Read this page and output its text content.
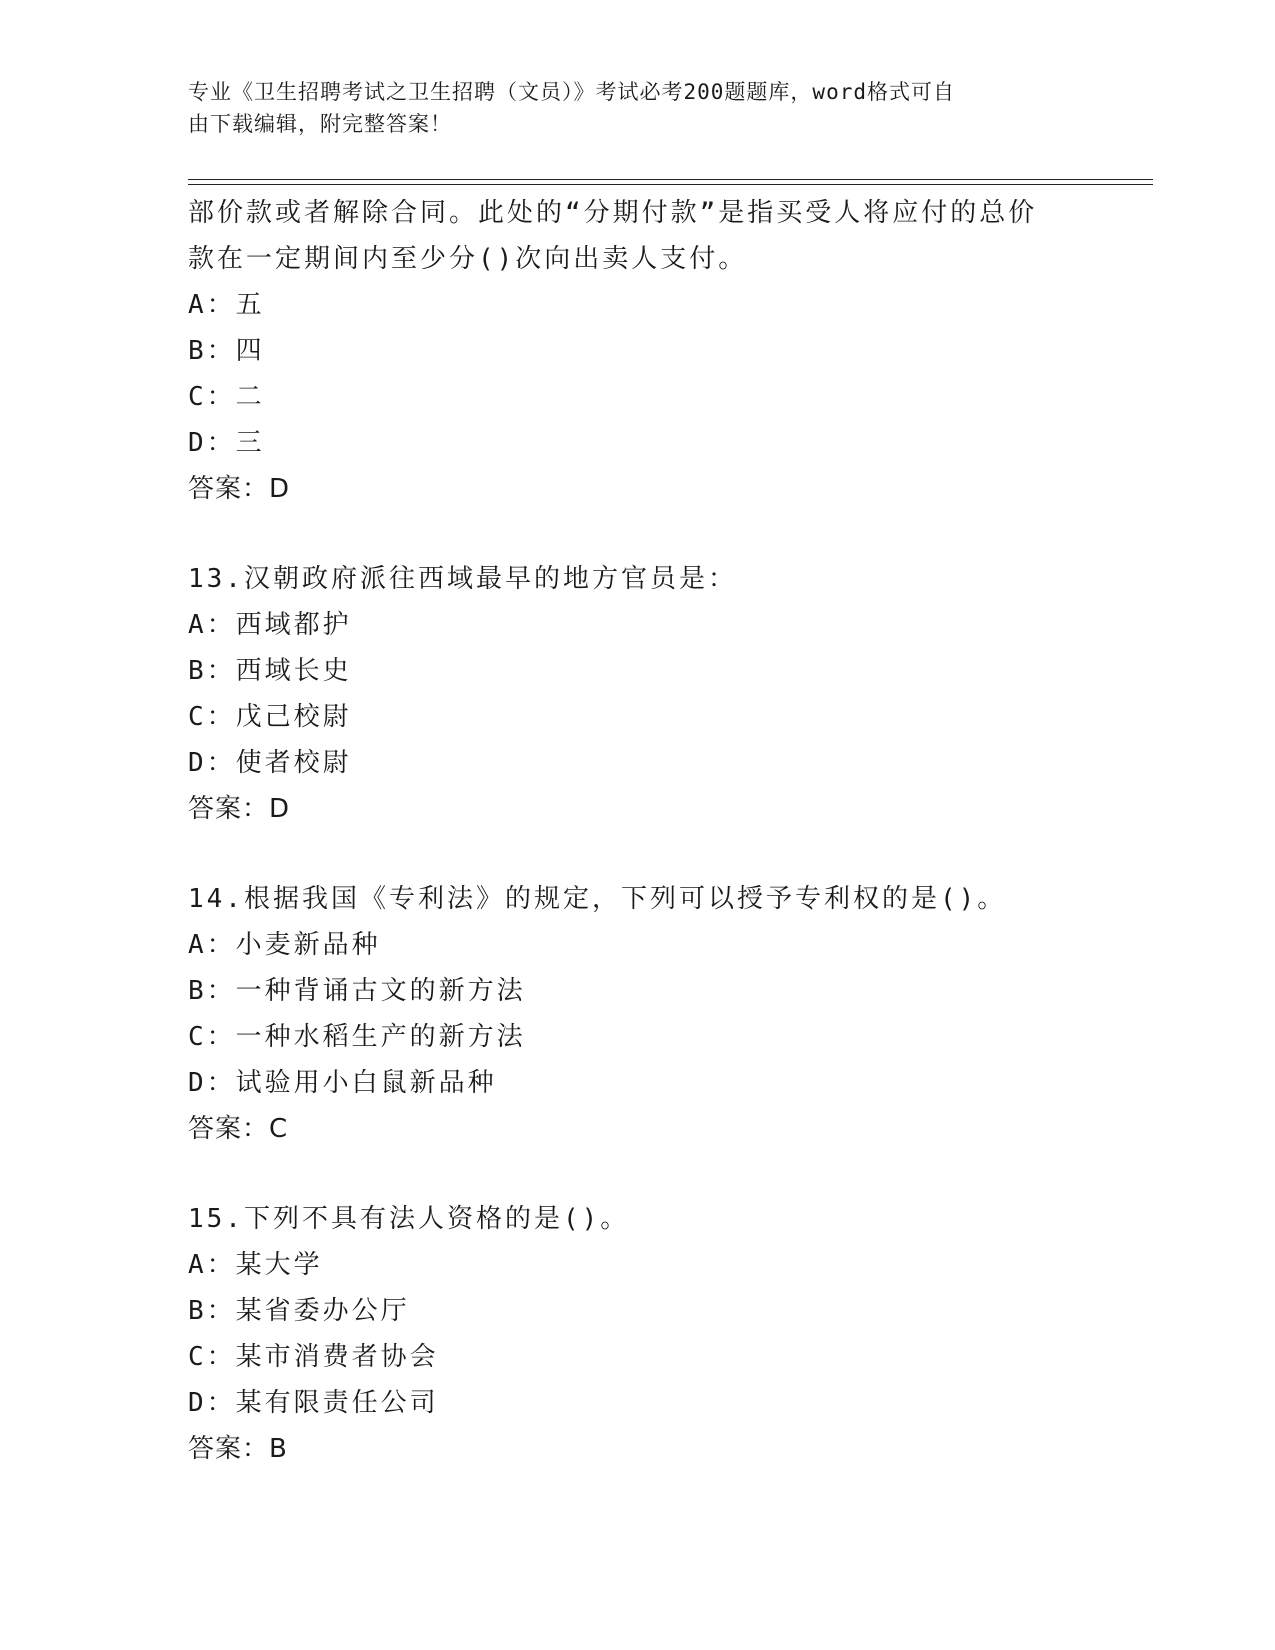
专业《卫生招聘考试之卫生招聘（文员）》考试必考200题题库，word格式可自
由下载编辑，附完整答案！
部价款或者解除合同。此处的“分期付款”是指买受人将应付的总价
款在一定期间内至少分()次向出卖人支付。
A：五
B：四
C：二
D：三
答案：D
13.汉朝政府派往西域最早的地方官员是：
A：西域都护
B：西域长史
C：戊己校尉
D：使者校尉
答案：D
14.根据我国《专利法》的规定，下列可以授予专利权的是()。
A：小麦新品种
B：一种背诵古文的新方法
C：一种水稻生产的新方法
D：试验用小白鼠新品种
答案：C
15.下列不具有法人资格的是()。
A：某大学
B：某省委办公厅
C：某市消费者协会
D：某有限责任公司
答案：B
